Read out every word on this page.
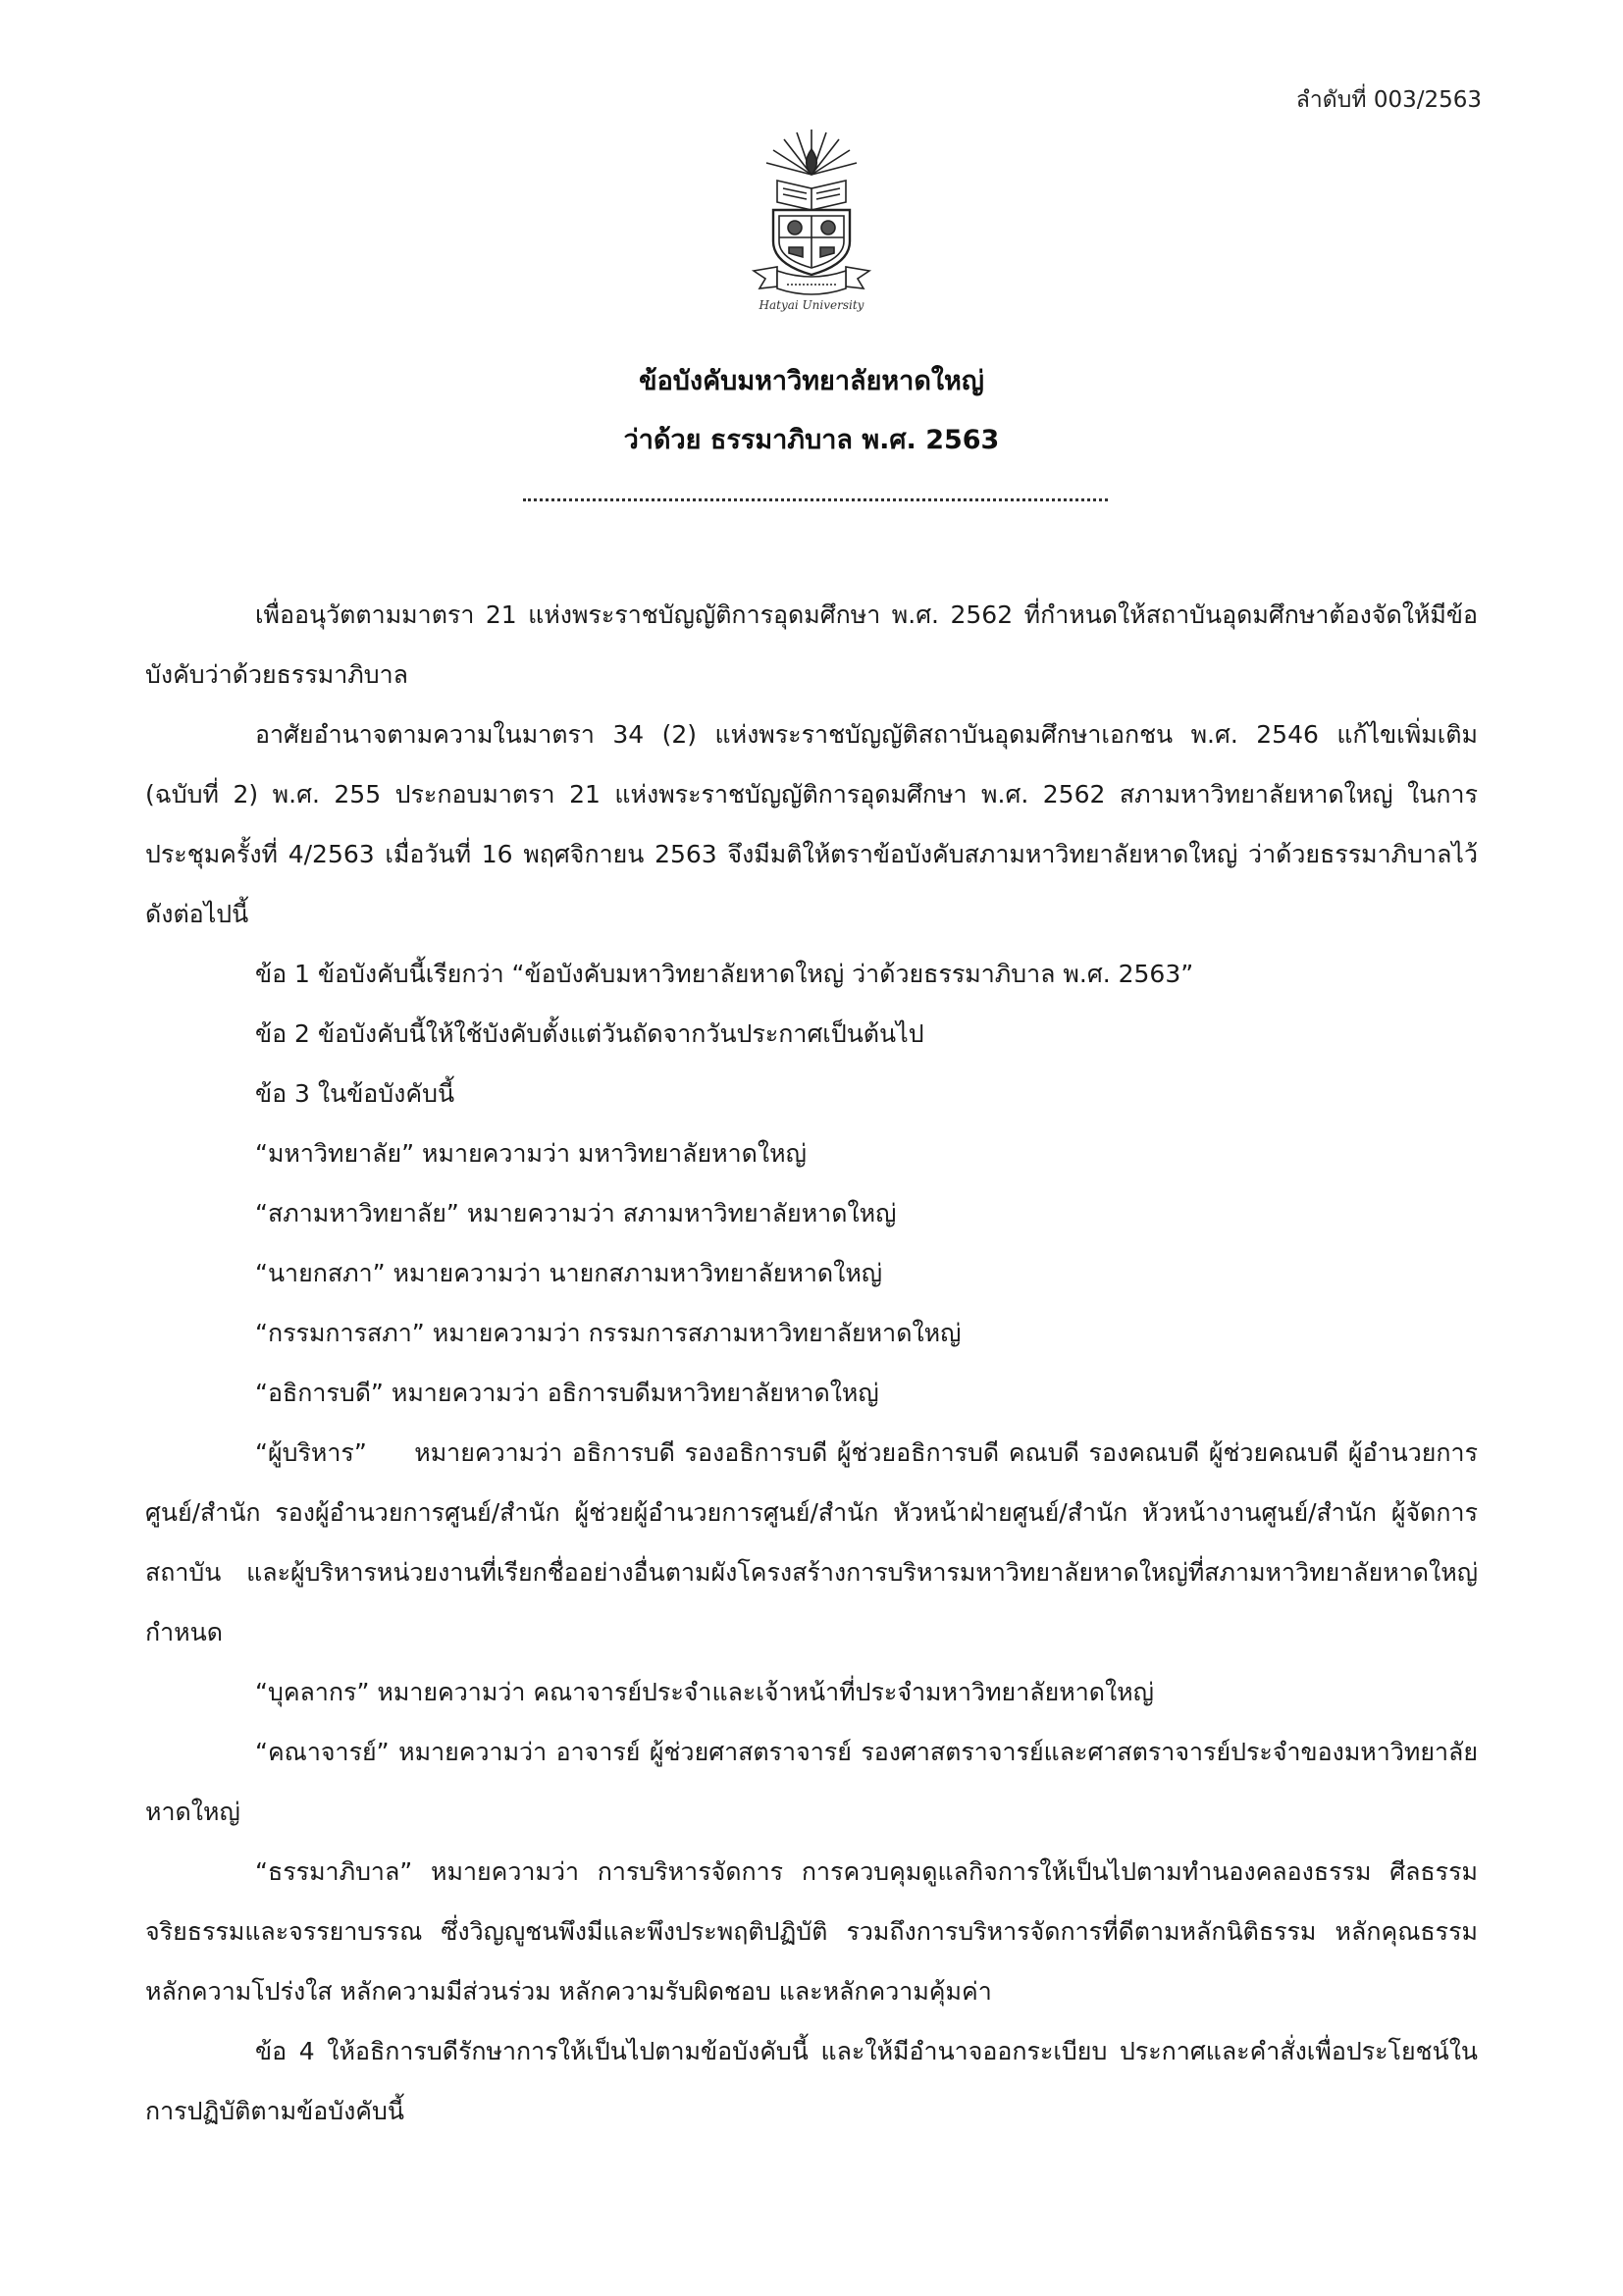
ลำดับที่ 003/2563
Hatyai University
ข้อบังคับมหาวิทยาลัยหาดใหญ่
ว่าด้วย ธรรมาภิบาล พ.ศ. 2563

เพื่ออนุวัตตามมาตรา 21 แห่งพระราชบัญญัติการอุดมศึกษา พ.ศ. 2562 ที่กำหนดให้สถาบันอุดมศึกษาต้องจัดให้มีข้อบังคับว่าด้วยธรรมาภิบาล

อาศัยอำนาจตามความในมาตรา 34 (2) แห่งพระราชบัญญัติสถาบันอุดมศึกษาเอกชน พ.ศ. 2546 แก้ไขเพิ่มเติม (ฉบับที่ 2) พ.ศ. 255 ประกอบมาตรา 21 แห่งพระราชบัญญัติการอุดมศึกษา พ.ศ. 2562 สภามหาวิทยาลัยหาดใหญ่ ในการประชุมครั้งที่ 4/2563 เมื่อวันที่ 16 พฤศจิกายน 2563 จึงมีมติให้ตราข้อบังคับสภามหาวิทยาลัยหาดใหญ่ ว่าด้วยธรรมาภิบาลไว้ ดังต่อไปนี้

ข้อ 1 ข้อบังคับนี้เรียกว่า “ข้อบังคับมหาวิทยาลัยหาดใหญ่ ว่าด้วยธรรมาภิบาล พ.ศ. 2563”

ข้อ 2 ข้อบังคับนี้ให้ใช้บังคับตั้งแต่วันถัดจากวันประกาศเป็นต้นไป

ข้อ 3 ในข้อบังคับนี้

“มหาวิทยาลัย” หมายความว่า มหาวิทยาลัยหาดใหญ่

“สภามหาวิทยาลัย” หมายความว่า สภามหาวิทยาลัยหาดใหญ่

“นายกสภา” หมายความว่า นายกสภามหาวิทยาลัยหาดใหญ่

“กรรมการสภา” หมายความว่า กรรมการสภามหาวิทยาลัยหาดใหญ่

“อธิการบดี” หมายความว่า อธิการบดีมหาวิทยาลัยหาดใหญ่

“ผู้บริหาร” หมายความว่า อธิการบดี รองอธิการบดี ผู้ช่วยอธิการบดี คณบดี รองคณบดี ผู้ช่วยคณบดี ผู้อำนวยการศูนย์/สำนัก รองผู้อำนวยการศูนย์/สำนัก ผู้ช่วยผู้อำนวยการศูนย์/สำนัก หัวหน้าฝ่ายศูนย์/สำนัก หัวหน้างานศูนย์/สำนัก ผู้จัดการสถาบัน และผู้บริหารหน่วยงานที่เรียกชื่ออย่างอื่นตามผังโครงสร้างการบริหารมหาวิทยาลัยหาดใหญ่ที่สภามหาวิทยาลัยหาดใหญ่กำหนด

“บุคลากร” หมายความว่า คณาจารย์ประจำและเจ้าหน้าที่ประจำมหาวิทยาลัยหาดใหญ่

“คณาจารย์” หมายความว่า อาจารย์ ผู้ช่วยศาสตราจารย์ รองศาสตราจารย์และศาสตราจารย์ประจำของมหาวิทยาลัยหาดใหญ่

“ธรรมาภิบาล” หมายความว่า การบริหารจัดการ การควบคุมดูแลกิจการให้เป็นไปตามทำนองคลองธรรม ศีลธรรม จริยธรรมและจรรยาบรรณ ซึ่งวิญญูชนพึงมีและพึงประพฤติปฏิบัติ รวมถึงการบริหารจัดการที่ดีตามหลักนิติธรรม หลักคุณธรรม หลักความโปร่งใส หลักความมีส่วนร่วม หลักความรับผิดชอบ และหลักความคุ้มค่า

ข้อ 4 ให้อธิการบดีรักษาการให้เป็นไปตามข้อบังคับนี้ และให้มีอำนาจออกระเบียบ ประกาศและคำสั่งเพื่อประโยชน์ในการปฏิบัติตามข้อบังคับนี้
